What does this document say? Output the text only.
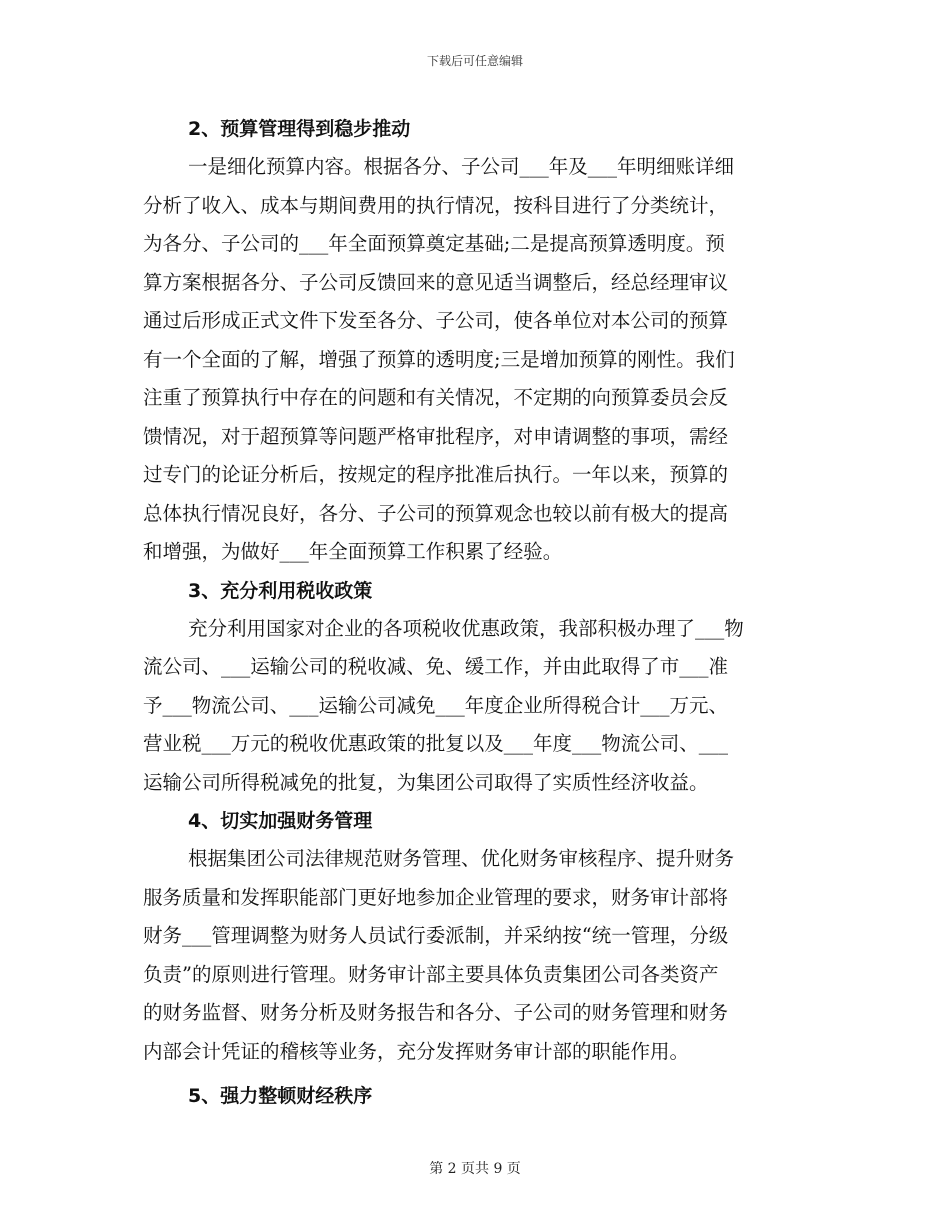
下载后可任意编辑
2、预算管理得到稳步推动
一是细化预算内容。根据各分、子公司___年及___年明细账详细
分析了收入、成本与期间费用的执行情况，按科目进行了分类统计，
为各分、子公司的___年全面预算奠定基础;二是提高预算透明度。预
算方案根据各分、子公司反馈回来的意见适当调整后，经总经理审议
通过后形成正式文件下发至各分、子公司，使各单位对本公司的预算
有一个全面的了解，增强了预算的透明度;三是增加预算的刚性。我们
注重了预算执行中存在的问题和有关情况，不定期的向预算委员会反
馈情况，对于超预算等问题严格审批程序，对申请调整的事项，需经
过专门的论证分析后，按规定的程序批准后执行。一年以来，预算的
总体执行情况良好，各分、子公司的预算观念也较以前有极大的提高
和增强，为做好___年全面预算工作积累了经验。
3、充分利用税收政策
充分利用国家对企业的各项税收优惠政策，我部积极办理了___物
流公司、___运输公司的税收减、免、缓工作，并由此取得了市___准
予___物流公司、___运输公司减免___年度企业所得税合计___万元、
营业税___万元的税收优惠政策的批复以及___年度___物流公司、___
运输公司所得税减免的批复，为集团公司取得了实质性经济收益。
4、切实加强财务管理
根据集团公司法律规范财务管理、优化财务审核程序、提升财务
服务质量和发挥职能部门更好地参加企业管理的要求，财务审计部将
财务___管理调整为财务人员试行委派制，并采纳按“统一管理，分级
负责”的原则进行管理。财务审计部主要具体负责集团公司各类资产
的财务监督、财务分析及财务报告和各分、子公司的财务管理和财务
内部会计凭证的稽核等业务，充分发挥财务审计部的职能作用。
5、强力整顿财经秩序
第 2 页共 9 页
